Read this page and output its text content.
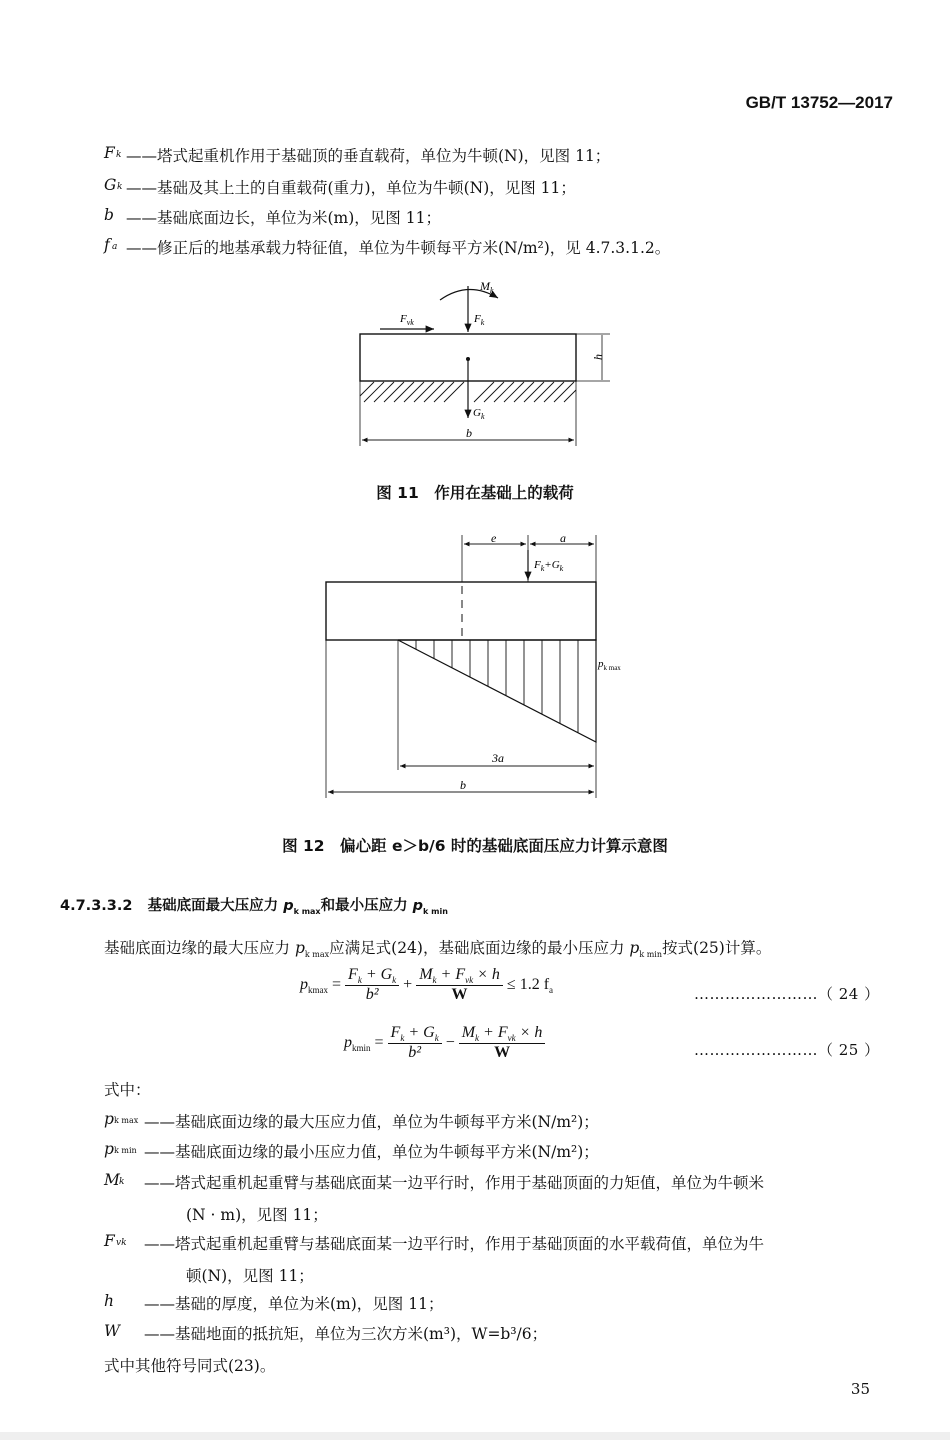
GB/T 13752—2017
F k ——塔式起重机作用于基础顶的垂直载荷，单位为牛顿(N)，见图 11；
G k ——基础及其上土的自重载荷(重力)，单位为牛顿(N)，见图 11；
b ——基础底面边长，单位为米(m)，见图 11；
f a ——修正后的地基承载力特征值，单位为牛顿每平方米(N/m²)，见 4.7.3.1.2。
$M_k$
$F_k$
$F_{vk}$
h
$G_k$
b
图 11　作用在基础上的载荷
e	a
$F_k+G_k$
$p_{k max}$
3a
b
图 12　偏心距 e＞b/6 时的基础底面压应力计算示意图
4.7.3.3.2 基础底面最大压应力 $p_{k max}$和最小压应力 $p_{k min}$
基础底面边缘的最大压应力 $p_{k max}$应满足式(24)，基础底面边缘的最小压应力 $p_{k min}$按式(25)计算。
$p_{kmax} = \frac{F_k + G_k}{\text{b²}} + \frac{M_k + F_{vk} \times h}{W} \le 1.2$ $f_a$	……………………（ 24 ）
$p_{kmin} = \frac{F_k + G_k}{\text{b²}} - \frac{M_k + F_{vk} \times h}{W}$	……………………（ 25 ）
式中：
p k max ——基础底面边缘的最大压应力值，单位为牛顿每平方米(N/m²)；
p k min ——基础底面边缘的最小压应力值，单位为牛顿每平方米(N/m²)；
M k ——塔式起重机起重臂与基础底面某一边平行时，作用于基础顶面的力矩值，单位为牛顿米
(N · m)，见图 11；
F vk ——塔式起重机起重臂与基础底面某一边平行时，作用于基础顶面的水平载荷值，单位为牛
顿(N)，见图 11；
h ——基础的厚度，单位为米(m)，见图 11；
W ——基础地面的抵抗矩，单位为三次方米(m³)，W=b³/6；
式中其他符号同式(23)。
35
